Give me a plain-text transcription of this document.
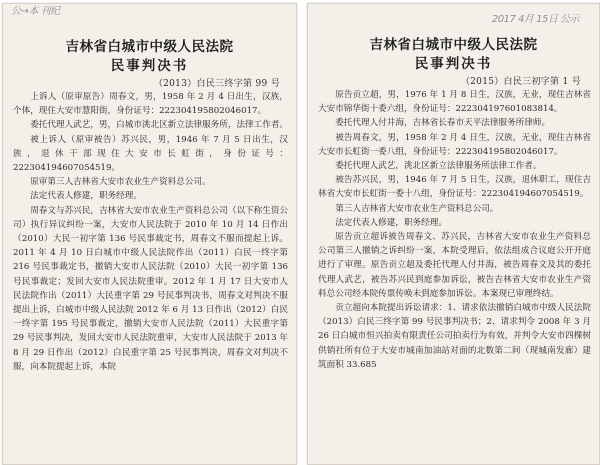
公→本 刊纪
吉林省白城市中级人民法院
民事判决书
（2013）白民三终字第 99 号

上诉人（原审原告）周春文，男，1958 年 2 月 4 日出生，汉族，个体，现住大安市慧阳街，身份证号：222304195802046017。

委托代理人武艺，男，白城市洮北区新立法律服务所，法律工作者。

被上诉人（原审被告）苏兴民，男，1946 年 7 月 5 日出生，汉族，退休干部现住大安市长虹街，身份证号：222304194607054519。

原审第三人吉林省大安市农业生产资料总公司。

法定代表人修建，职务经理。

周春文与苏兴民，吉林省大安市农业生产资料总公司（以下称生资公司）执行异议纠纷一案，大安市人民法院于 2010 年 10 月 14 日作出（2010）大民一初字第 136 号民事裁定书，周春文不服而提起上诉。2011 年 4 月 10 日白城市中级人民法院作出（2011）白民一终字第 216 号民事裁定书，撤销大安市人民法院（2010）大民一初字第 136 号民事裁定；发回大安市人民法院重审。2012 年 1 月 17 日大安市人民法院作出（2011）大民重字第 29 号民事判决书，周春文对判决不服提出上诉，白城市中级人民法院 2012 年 6 月 13 日作出（2012）白民一终字第 195 号民事裁定，撤销大安市人民法院（2011）大民重字第 29 号民事判决，发回大安市人民法院重审，大安市人民法院于 2013 年 8 月 29 日作出（2012）白民重字第 25 号民事判决，周春文对判决不服，向本院提起上诉，本院

2017 4月 15日 公示
吉林省白城市中级人民法院
民事判决书
（2015）白民三初字第 1 号

原告贡立超，男，1976 年 1 月 8 日生，汉族，无业，现住吉林省大安市锦华街十委六组，身份证号：222304197601083814。

委托代理人付井海，吉林省长春市天平法律服务所律师。

被告周春文，男，1958 年 2 月 4 日生，汉族，无业，现住吉林省大安市长虹街一委八组，身份证号：222304195802046017。

委托代理人武艺，洮北区新立法律服务所法律工作者。

被告苏兴民，男，1946 年 7 月 5 日生，汉族，退休职工，现住吉林省大安市长虹街一委十八组，身份证号：222304194607054519。

第三人吉林省大安市农业生产资料总公司。

法定代表人修建，职务经理。

原告贡立超诉被告周春文、苏兴民，吉林省大安市农业生产资料总公司第三人撤销之诉纠纷一案，本院受理后，依法组成合议庭公开开庭进行了审理。原告贡立超及委托代理人付井海，被告周春文及其的委托代理人武艺，被告苏兴民到庭参加诉讼，被告吉林省大安市农业生产资料总公司经本院传票传唤未到庭参加诉讼。本案现已审理终结。

贡立超向本院提出诉讼请求：1、请求依法撤销白城市中级人民法院（2013）白民三终字第 99 号民事判决书；2、请求判令 2008 年 3 月 26 日白城市恒兴拍卖有限责任公司拍卖行为有效，并判令大安市四棵树供销社所有位于大安市城南加油站对面的北数第二间（现城南发廊）建筑面积 33.685
